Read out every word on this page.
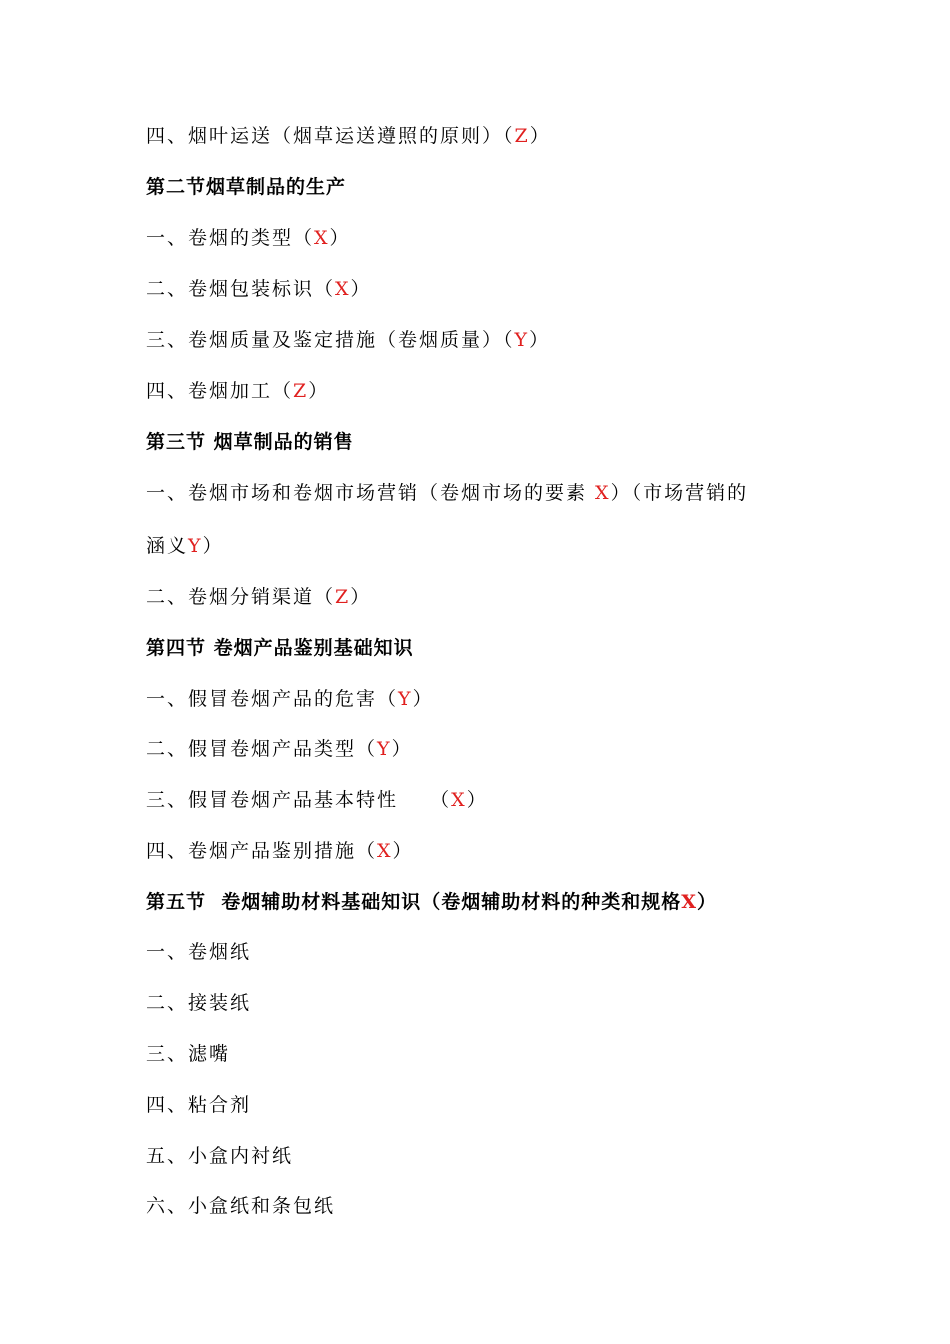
四、烟叶运送（烟草运送遵照的原则）（Z）
第二节烟草制品的生产
一、卷烟的类型（X）
二、卷烟包装标识（X）
三、卷烟质量及鉴定措施（卷烟质量）（Y）
四、卷烟加工（Z）
第三节 烟草制品的销售
一、卷烟市场和卷烟市场营销（卷烟市场的要素 X）（市场营销的
涵义Y）
二、卷烟分销渠道（Z）
第四节 卷烟产品鉴别基础知识
一、假冒卷烟产品的危害（Y）
二、假冒卷烟产品类型（Y）
三、假冒卷烟产品基本特性    （X）
四、卷烟产品鉴别措施（X）
第五节  卷烟辅助材料基础知识（卷烟辅助材料的种类和规格X）
一、卷烟纸
二、接装纸
三、滤嘴
四、粘合剂
五、小盒内衬纸
六、小盒纸和条包纸
